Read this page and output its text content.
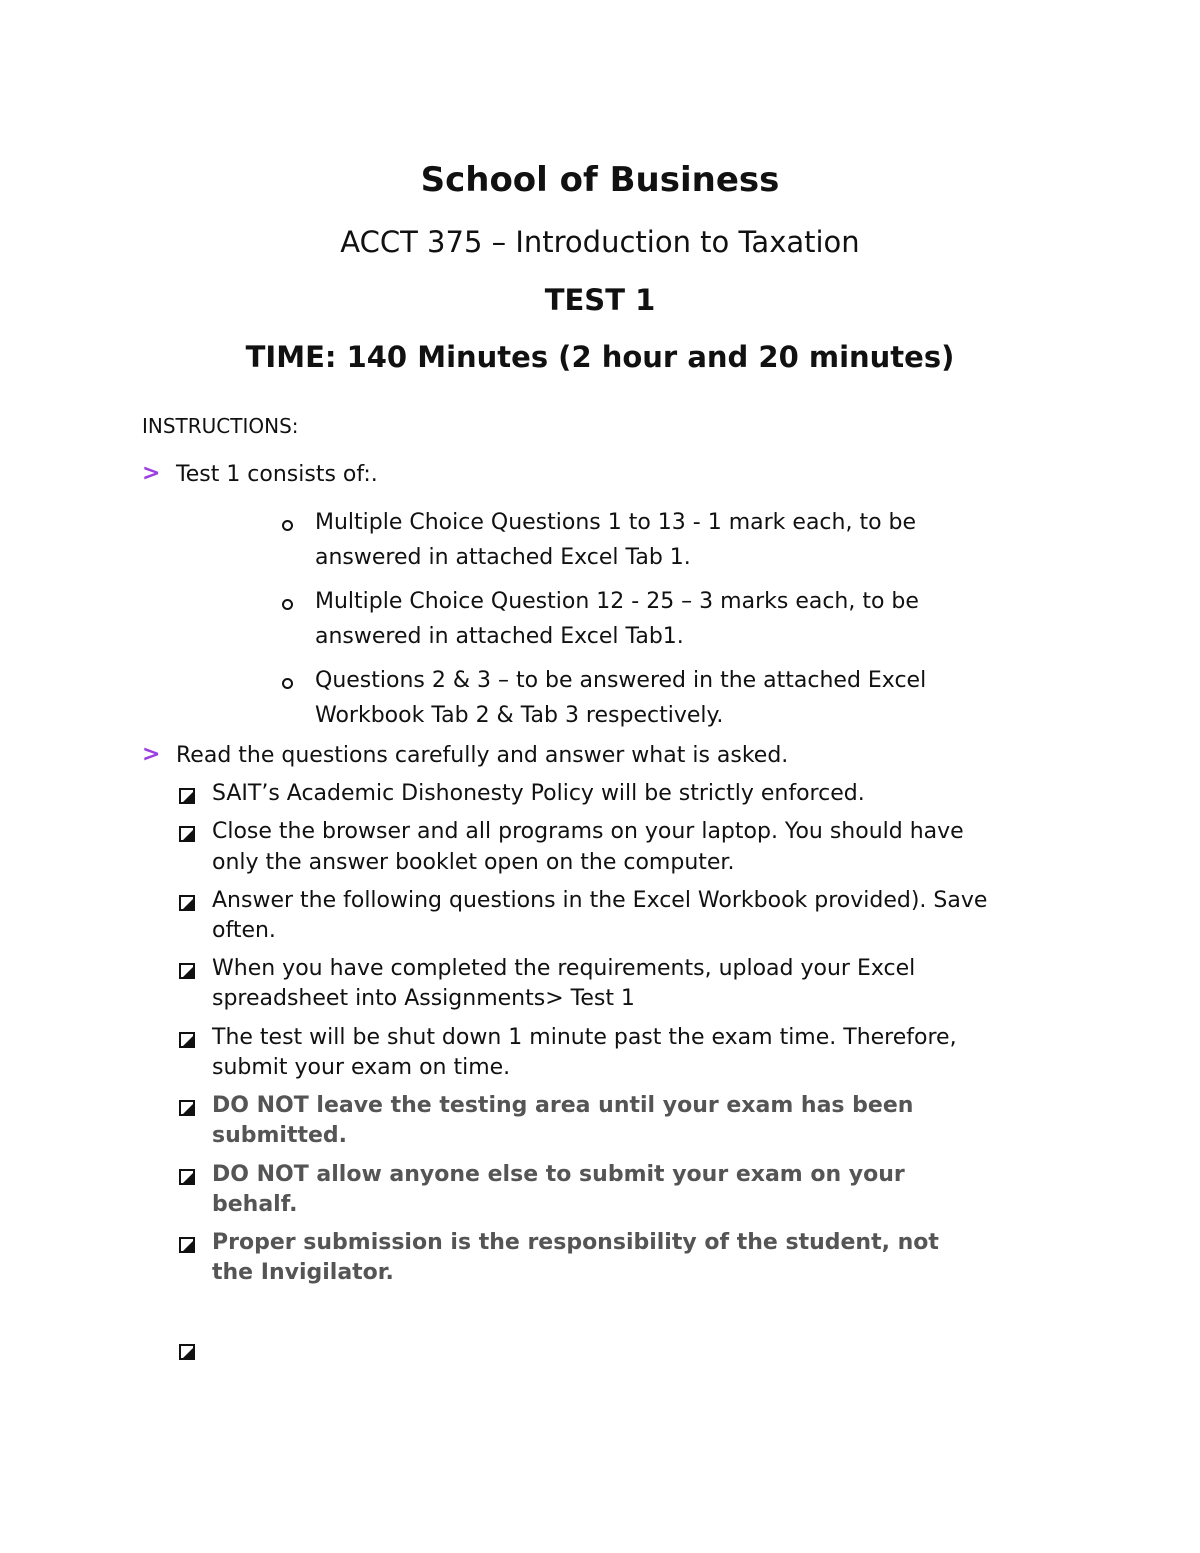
School of Business
ACCT 375 – Introduction to Taxation
TEST 1
TIME: 140 Minutes (2 hour and 20 minutes)
INSTRUCTIONS:
> Test 1 consists of:.
Multiple Choice Questions 1 to 13 - 1 mark each, to be
answered in attached Excel Tab 1.
Multiple Choice Question 12 - 25 – 3 marks each, to be
answered in attached Excel Tab1.
Questions 2 & 3 – to be answered in the attached Excel
Workbook Tab 2 & Tab 3 respectively.
> Read the questions carefully and answer what is asked.
SAIT’s Academic Dishonesty Policy will be strictly enforced.
Close the browser and all programs on your laptop. You should have
only the answer booklet open on the computer.
Answer the following questions in the Excel Workbook provided). Save
often.
When you have completed the requirements, upload your Excel
spreadsheet into Assignments> Test 1
The test will be shut down 1 minute past the exam time. Therefore,
submit your exam on time.
DO NOT leave the testing area until your exam has been
submitted.
DO NOT allow anyone else to submit your exam on your
behalf.
Proper submission is the responsibility of the student, not
the Invigilator.
